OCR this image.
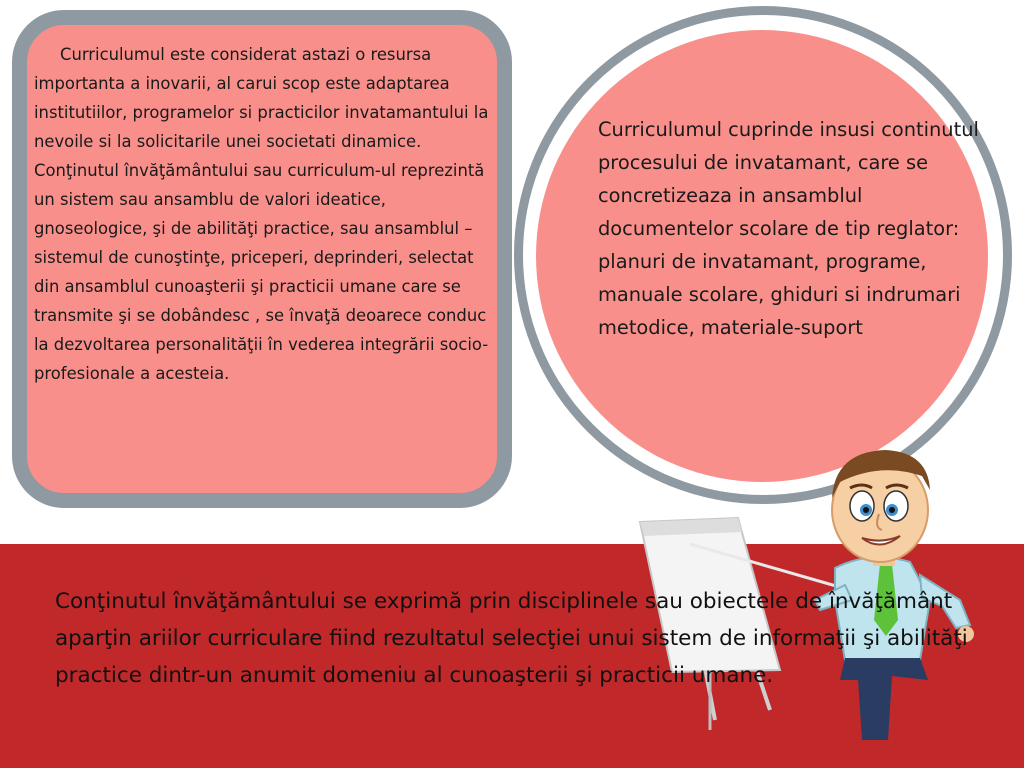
Curriculumul este considerat astazi o resursa importanta a inovarii, al carui scop este adaptarea institutiilor, programelor si practicilor invatamantului la nevoile si la solicitarile unei societati dinamice. Conţinutul învăţământului sau curriculum-ul reprezintă un sistem sau ansamblu de valori ideatice, gnoseologice, şi de abilităţi practice, sau ansamblul –sistemul de cunoştinţe, priceperi, deprinderi, selectat din ansamblul cunoaşterii şi practicii umane care se transmite şi se dobândesc , se învaţă deoarece conduc la dezvoltarea personalităţii în vederea integrării socio-profesionale a acesteia.
Curriculumul cuprinde insusi continutul procesului de invatamant, care se concretizeaza in ansamblul documentelor scolare de tip reglator: planuri de invatamant, programe, manuale scolare, ghiduri si indrumari metodice, materiale-suport
Conţinutul învăţământului se exprimă prin disciplinele sau obiectele de învăţământ aparţin ariilor curriculare fiind rezultatul selecţiei unui sistem de informaţii şi abilităţi practice dintr-un anumit domeniu al cunoaşterii şi practicii umane.
